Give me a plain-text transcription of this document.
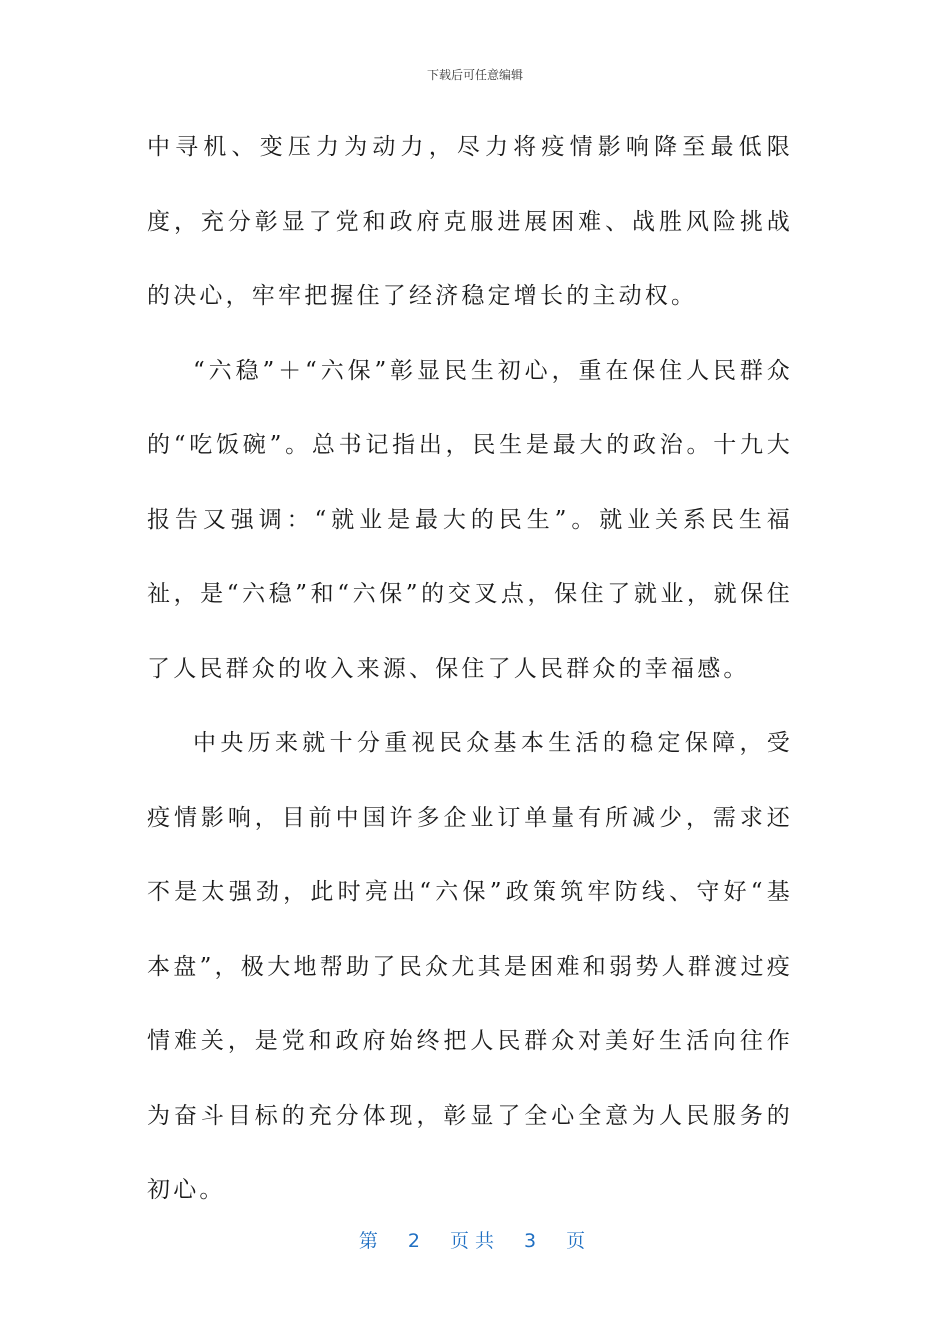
下载后可任意编辑

中寻机、变压力为动力，尽力将疫情影响降至最低限度，充分彰显了党和政府克服进展困难、战胜风险挑战的决心，牢牢把握住了经济稳定增长的主动权。

“六稳”＋“六保”彰显民生初心，重在保住人民群众的“吃饭碗”。总书记指出，民生是最大的政治。十九大报告又强调：“就业是最大的民生”。就业关系民生福祉，是“六稳”和“六保”的交叉点，保住了就业，就保住了人民群众的收入来源、保住了人民群众的幸福感。

中央历来就十分重视民众基本生活的稳定保障，受疫情影响，目前中国许多企业订单量有所减少，需求还不是太强劲，此时亮出“六保”政策筑牢防线、守好“基本盘”，极大地帮助了民众尤其是困难和弱势人群渡过疫情难关，是党和政府始终把人民群众对美好生活向往作为奋斗目标的充分体现，彰显了全心全意为人民服务的初心。

第 2 页共 3 页
